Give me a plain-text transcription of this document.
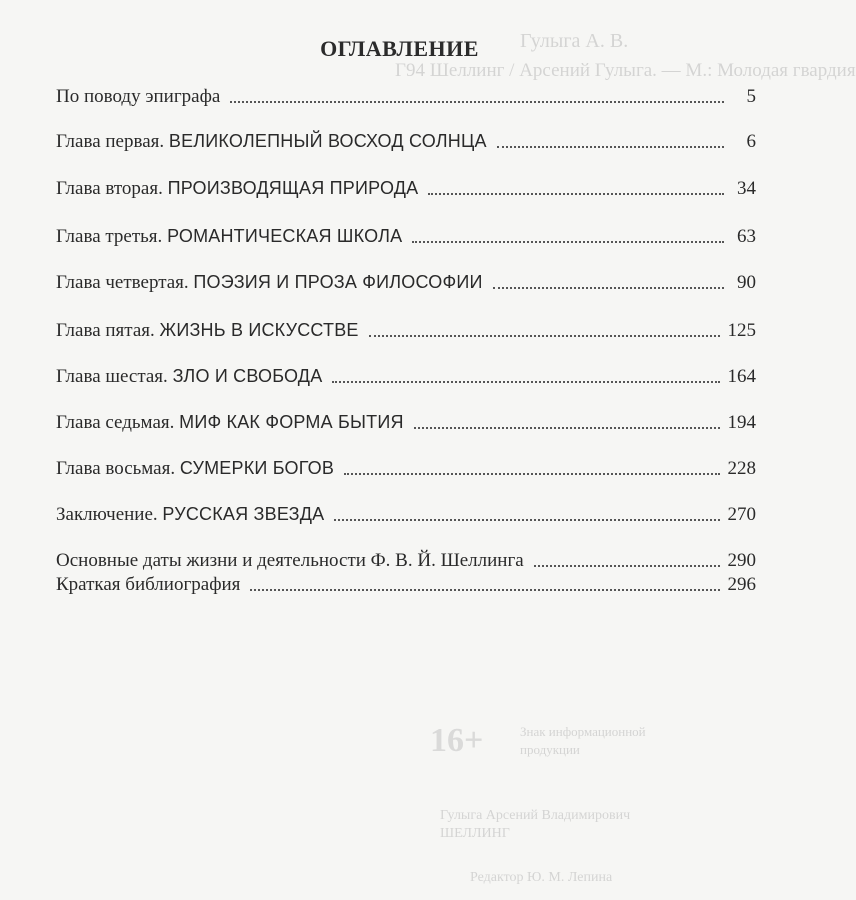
Гулыга А. В.
Г94 Шеллинг / Арсений Гулыга. — М.: Молодая гвардия
16+	Знак информационной
продукции
Гулыга Арсений Владимирович
ШЕЛЛИНГ
Редактор Ю. М. Лепина
ОГЛАВЛЕНИЕ
По поводу эпиграфа	5
Глава первая. ВЕЛИКОЛЕПНЫЙ ВОСХОД СОЛНЦА	6
Глава вторая. ПРОИЗВОДЯЩАЯ ПРИРОДА	34
Глава третья. РОМАНТИЧЕСКАЯ ШКОЛА	63
Глава четвертая. ПОЭЗИЯ И ПРОЗА ФИЛОСОФИИ	90
Глава пятая. ЖИЗНЬ В ИСКУССТВЕ	125
Глава шестая. ЗЛО И СВОБОДА	164
Глава седьмая. МИФ КАК ФОРМА БЫТИЯ	194
Глава восьмая. СУМЕРКИ БОГОВ	228
Заключение. РУССКАЯ ЗВЕЗДА	270
Основные даты жизни и деятельности Ф. В. Й. Шеллинга	290
Краткая библиография	296
